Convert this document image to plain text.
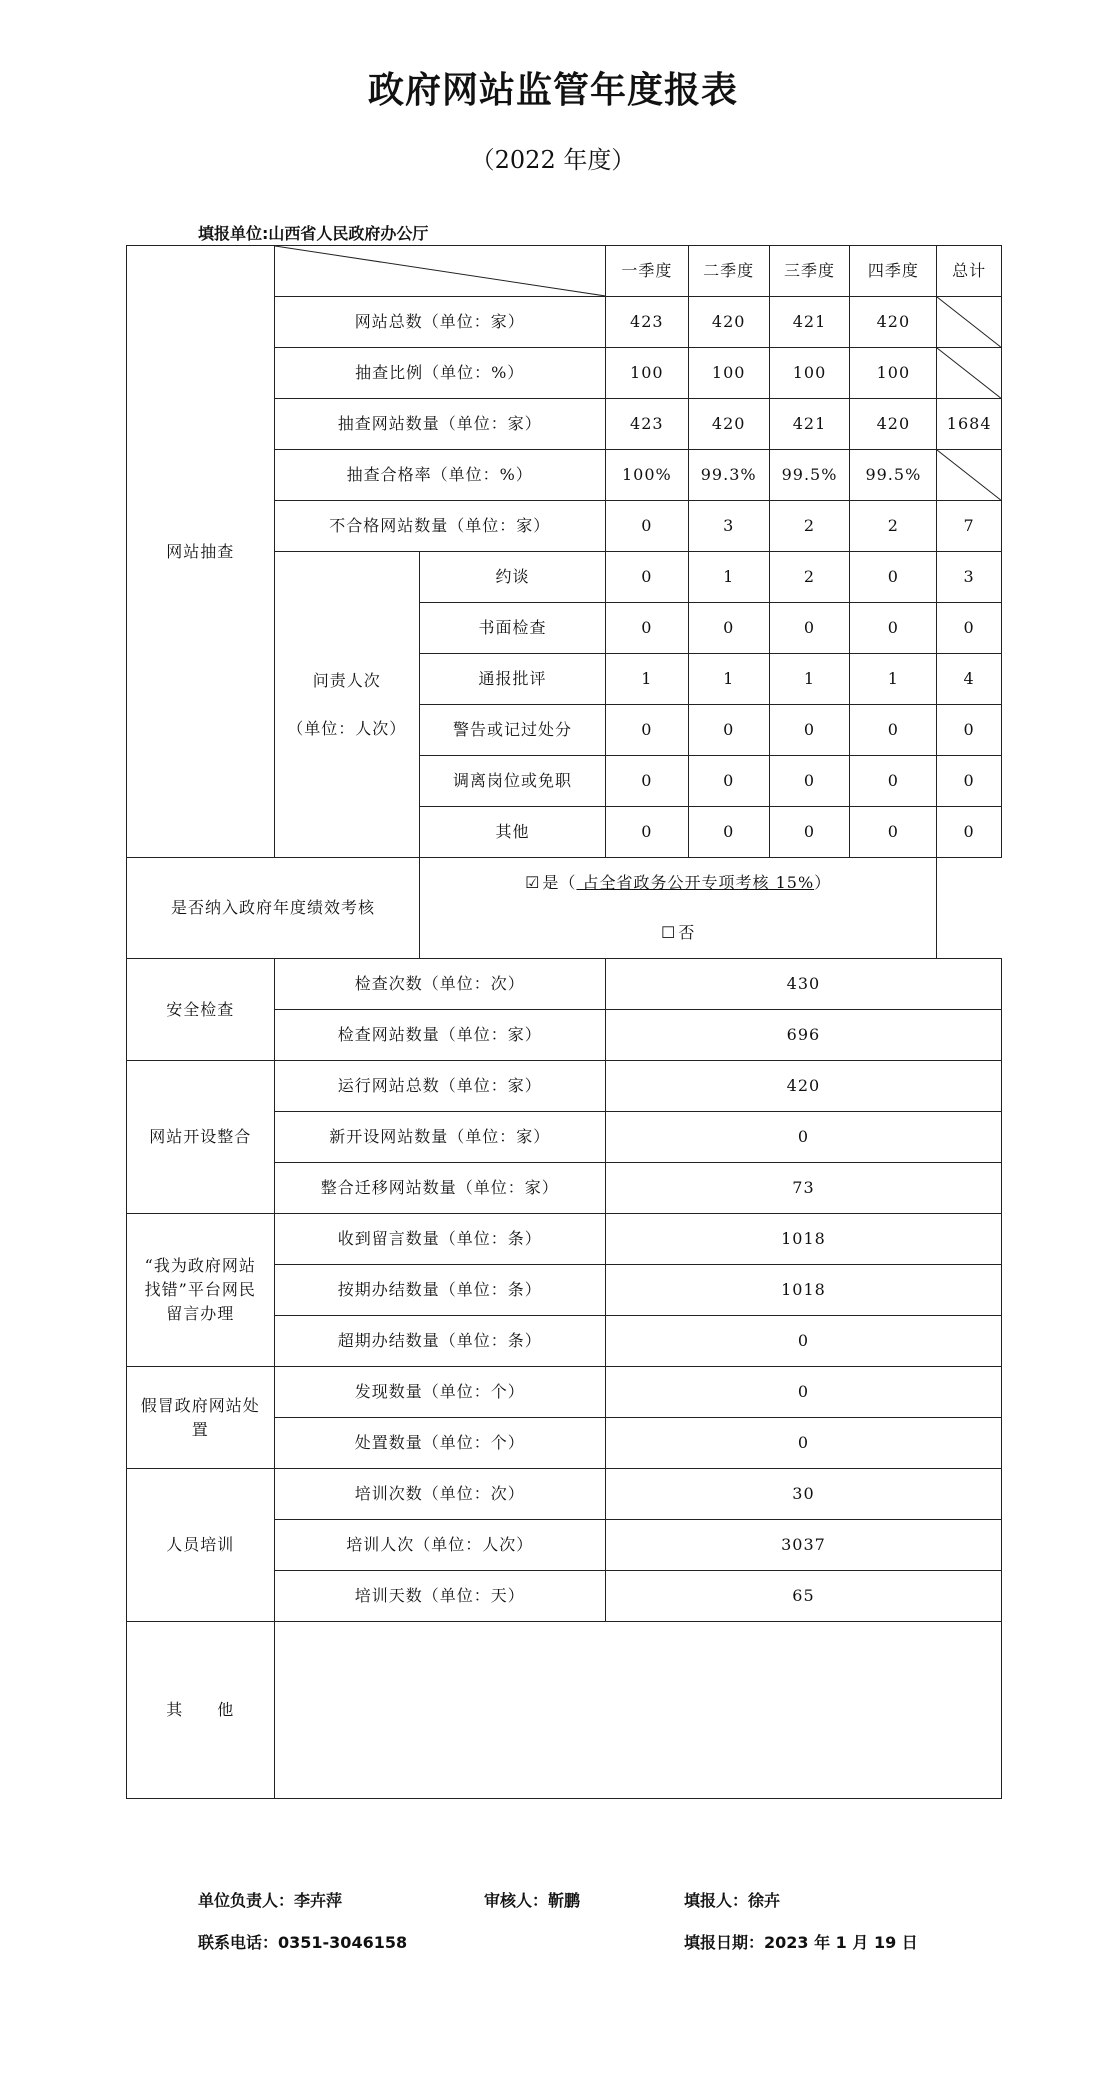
政府网站监管年度报表
（2022 年度）
填报单位:山西省人民政府办公厅
网站抽查			一季度	二季度	三季度	四季度	总计
	网站总数（单位：家）		423	420	421	420	

	抽查比例（单位：%）		100	100	100	100	

	抽查网站数量（单位：家）		423	420	421	420	1684
	抽查合格率（单位：%）		100%	99.3%	99.5%	99.5%	

	不合格网站数量（单位：家）		0	3	2	2	7

	问责人次
（单位：人次）	约谈	0	1	2	0	3
		书面检查	0	0	0	0	0
		通报批评	1	1	1	1	4
		警告或记过处分	0	0	0	0	0
		调离岗位或免职	0	0	0	0	0
		其他	0	0	0	0	0
是否纳入政府年度绩效考核		☑ 是（ 占全省政务公开专项考核 15%）
☐ 否					

安全检查	检查次数（单位：次）		430				
	检查网站数量（单位：家）		696				
网站开设整合	运行网站总数（单位：家）		420				
	新开设网站数量（单位：家）		0				
	整合迁移网站数量（单位：家）		73				

“我为政府网站
找错”平台网民
留言办理	收到留言数量（单位：条）		1018				
	按期办结数量（单位：条）		1018				
	超期办结数量（单位：条）		0				

假冒政府网站处
置	发现数量（单位：个）		0				
	处置数量（单位：个）		0				
人员培训	培训次数（单位：次）		30				
	培训人次（单位：人次）		3037				
	培训天数（单位：天）		65				
其　　他							
单位负责人：李卉萍	审核人：靳鹏	填报人：徐卉
联系电话：0351-3046158	填报日期：2023 年 1 月 19 日
